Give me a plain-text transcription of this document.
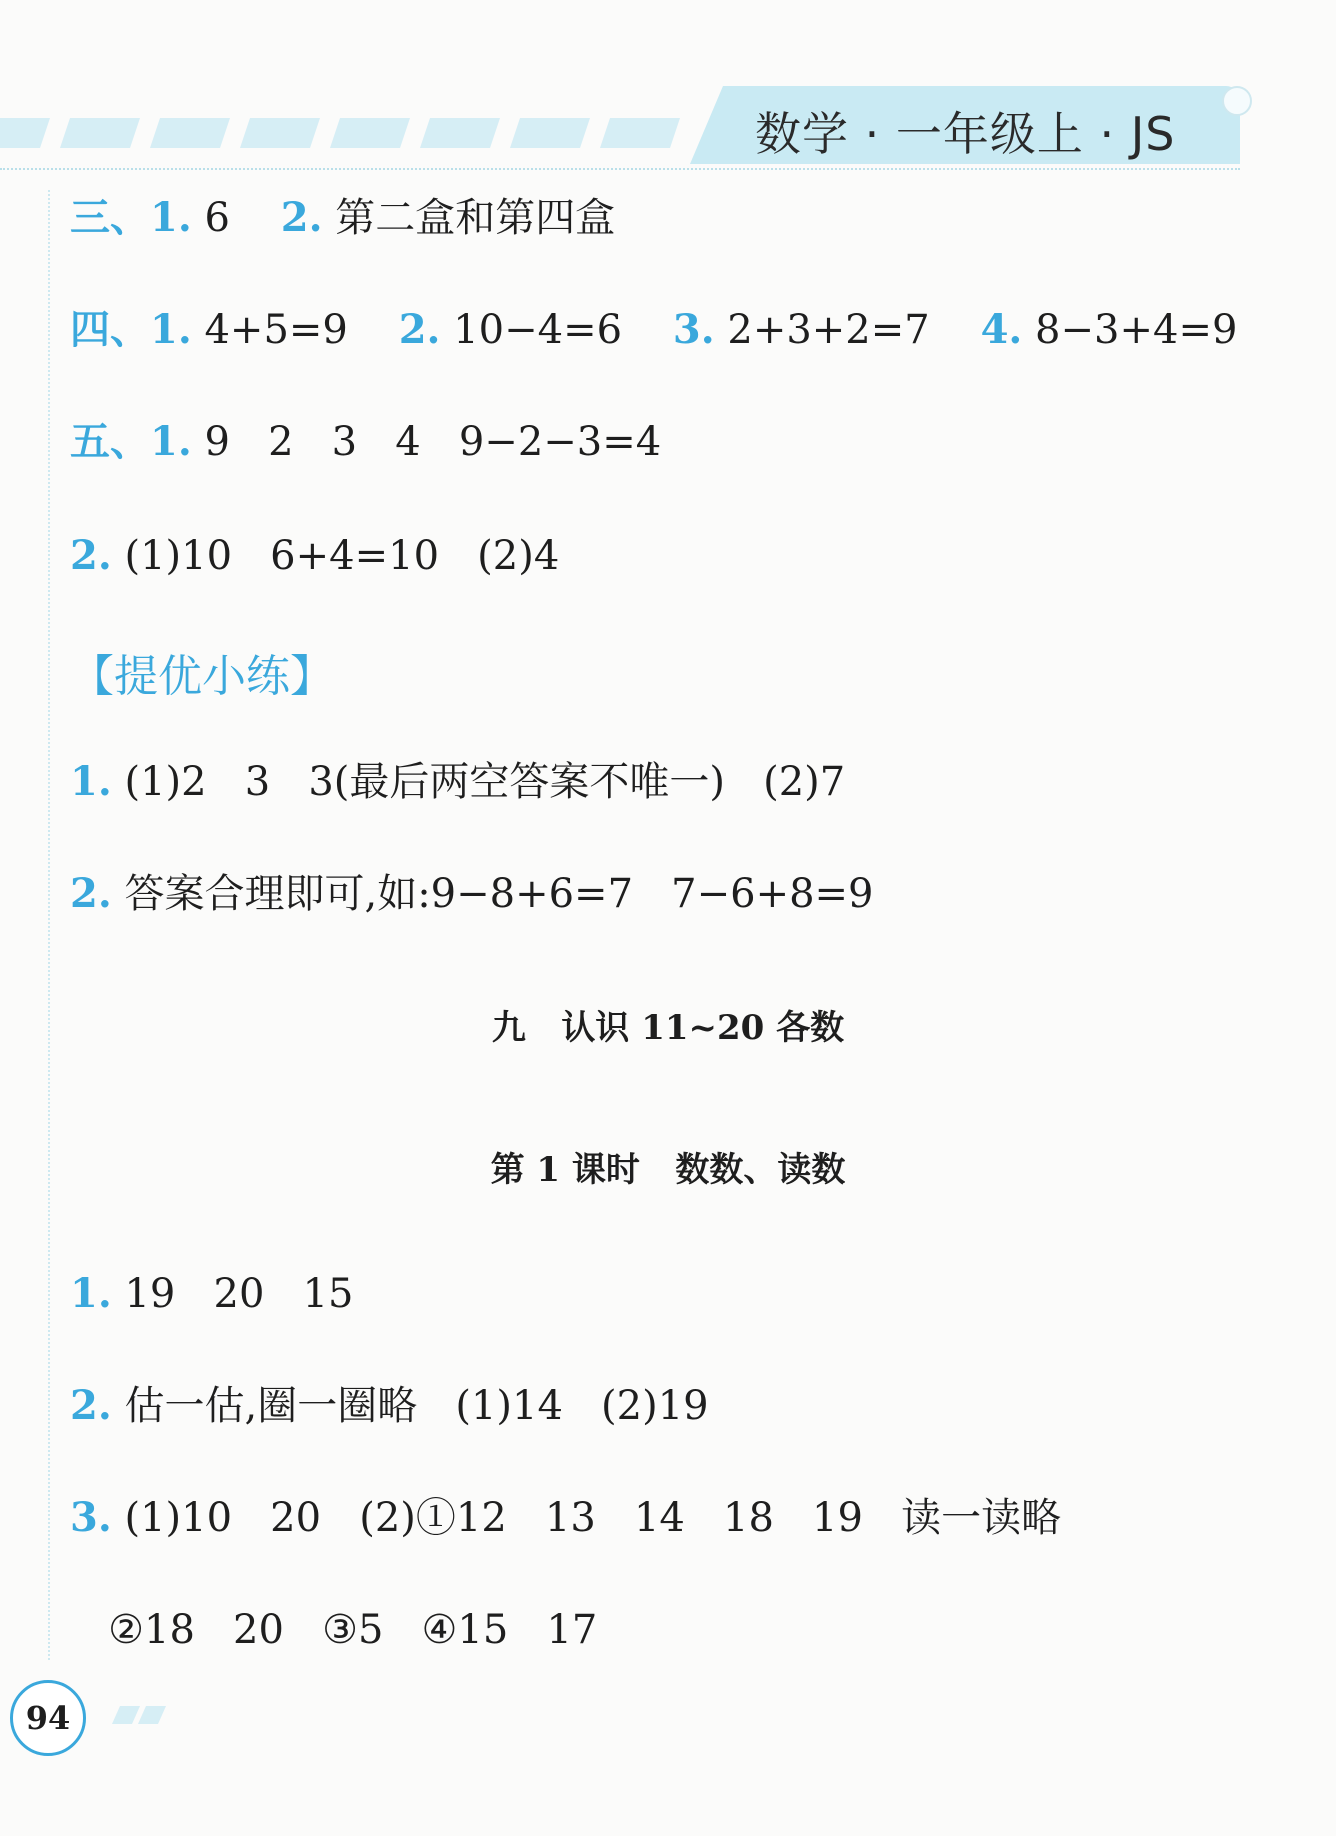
数学 · 一年级上 · JS
三、1. 6    2. 第二盒和第四盒
四、1. 4+5=9    2. 10−4=6    3. 2+3+2=7    4. 8−3+4=9
五、1. 9   2   3   4   9−2−3=4
2. (1)10   6+4=10   (2)4
【提优小练】
1. (1)2   3   3(最后两空答案不唯一)   (2)7
2. 答案合理即可,如:9−8+6=7   7−6+8=9
九   认识 11~20 各数
第 1 课时   数数、读数
1. 19   20   15
2. 估一估,圈一圈略   (1)14   (2)19
3. (1)10   20   (2)①12   13   14   18   19   读一读略
②18   20   ③5   ④15   17
94
